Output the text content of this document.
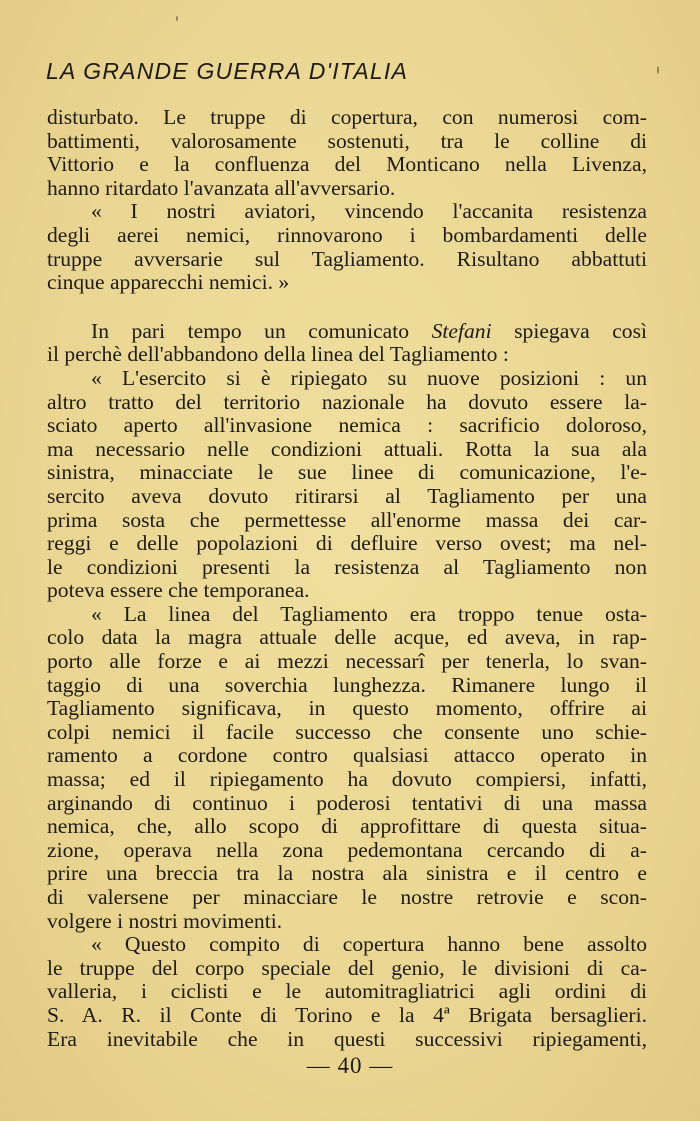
LA GRANDE GUERRA D'ITALIA
disturbato. Le truppe di copertura, con numerosi com-
battimenti, valorosamente sostenuti, tra le colline di
Vittorio e la confluenza del Monticano nella Livenza,
hanno ritardato l'avanzata all'avversario.
« I nostri aviatori, vincendo l'accanita resistenza
degli aerei nemici, rinnovarono i bombardamenti delle
truppe avversarie sul Tagliamento. Risultano abbattuti
cinque apparecchi nemici. »
In pari tempo un comunicato Stefani spiegava così
il perchè dell'abbandono della linea del Tagliamento :
« L'esercito si è ripiegato su nuove posizioni : un
altro tratto del territorio nazionale ha dovuto essere la-
sciato aperto all'invasione nemica : sacrificio doloroso,
ma necessario nelle condizioni attuali. Rotta la sua ala
sinistra, minacciate le sue linee di comunicazione, l'e-
sercito aveva dovuto ritirarsi al Tagliamento per una
prima sosta che permettesse all'enorme massa dei car-
reggi e delle popolazioni di defluire verso ovest; ma nel-
le condizioni presenti la resistenza al Tagliamento non
poteva essere che temporanea.
« La linea del Tagliamento era troppo tenue osta-
colo data la magra attuale delle acque, ed aveva, in rap-
porto alle forze e ai mezzi necessarî per tenerla, lo svan-
taggio di una soverchia lunghezza. Rimanere lungo il
Tagliamento significava, in questo momento, offrire ai
colpi nemici il facile successo che consente uno schie-
ramento a cordone contro qualsiasi attacco operato in
massa; ed il ripiegamento ha dovuto compiersi, infatti,
arginando di continuo i poderosi tentativi di una massa
nemica, che, allo scopo di approfittare di questa situa-
zione, operava nella zona pedemontana cercando di a-
prire una breccia tra la nostra ala sinistra e il centro e
di valersene per minacciare le nostre retrovie e scon-
volgere i nostri movimenti.
« Questo compito di copertura hanno bene assolto
le truppe del corpo speciale del genio, le divisioni di ca-
valleria, i ciclisti e le automitragliatrici agli ordini di
S. A. R. il Conte di Torino e la 4ª Brigata bersaglieri.
Era inevitabile che in questi successivi ripiegamenti,
— 40 —
